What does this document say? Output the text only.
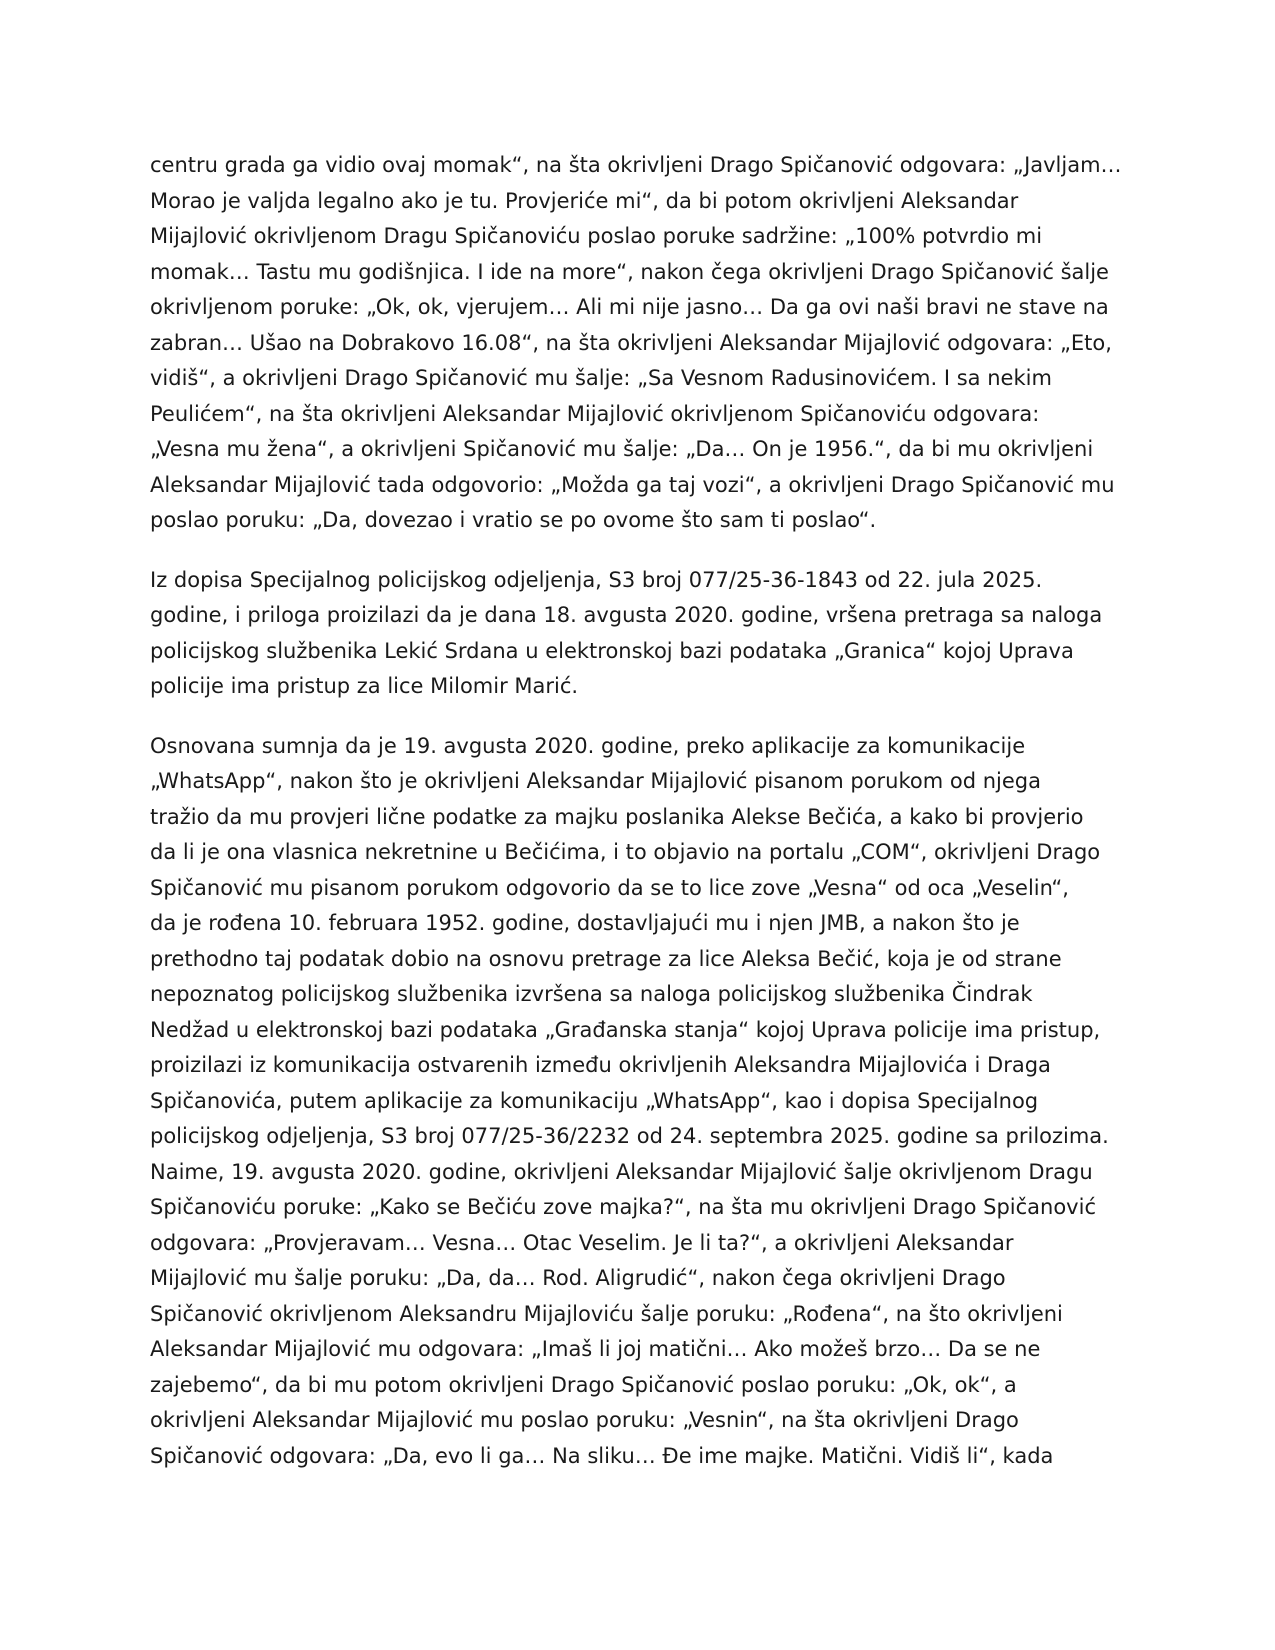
centru grada ga vidio ovaj momak“, na šta okrivljeni Drago Spičanović odgovara: „Javljam…
Morao je valjda legalno ako je tu. Provjeriće mi“, da bi potom okrivljeni Aleksandar
Mijajlović okrivljenom Dragu Spičanoviću poslao poruke sadržine: „100% potvrdio mi
momak… Tastu mu godišnjica. I ide na more“, nakon čega okrivljeni Drago Spičanović šalje
okrivljenom poruke: „Ok, ok, vjerujem… Ali mi nije jasno… Da ga ovi naši bravi ne stave na
zabran… Ušao na Dobrakovo 16.08“, na šta okrivljeni Aleksandar Mijajlović odgovara: „Eto,
vidiš“, a okrivljeni Drago Spičanović mu šalje: „Sa Vesnom Radusinovićem. I sa nekim
Peulićem“, na šta okrivljeni Aleksandar Mijajlović okrivljenom Spičanoviću odgovara:
„Vesna mu žena“, a okrivljeni Spičanović mu šalje: „Da… On je 1956.“, da bi mu okrivljeni
Aleksandar Mijajlović tada odgovorio: „Možda ga taj vozi“, a okrivljeni Drago Spičanović mu
poslao poruku: „Da, dovezao i vratio se po ovome što sam ti poslao“.
Iz dopisa Specijalnog policijskog odjeljenja, S3 broj 077/25-36-1843 od 22. jula 2025.
godine, i priloga proizilazi da je dana 18. avgusta 2020. godine, vršena pretraga sa naloga
policijskog službenika Lekić Srdana u elektronskoj bazi podataka „Granica“ kojoj Uprava
policije ima pristup za lice Milomir Marić.
Osnovana sumnja da je 19. avgusta 2020. godine, preko aplikacije za komunikacije
„WhatsApp“, nakon što je okrivljeni Aleksandar Mijajlović pisanom porukom od njega
tražio da mu provjeri lične podatke za majku poslanika Alekse Bečića, a kako bi provjerio
da li je ona vlasnica nekretnine u Bečićima, i to objavio na portalu „COM“, okrivljeni Drago
Spičanović mu pisanom porukom odgovorio da se to lice zove „Vesna“ od oca „Veselin“,
da je rođena 10. februara 1952. godine, dostavljajući mu i njen JMB, a nakon što je
prethodno taj podatak dobio na osnovu pretrage za lice Aleksa Bečić, koja je od strane
nepoznatog policijskog službenika izvršena sa naloga policijskog službenika Čindrak
Nedžad u elektronskoj bazi podataka „Građanska stanja“ kojoj Uprava policije ima pristup,
proizilazi iz komunikacija ostvarenih između okrivljenih Aleksandra Mijajlovića i Draga
Spičanovića, putem aplikacije za komunikaciju „WhatsApp“, kao i dopisa Specijalnog
policijskog odjeljenja, S3 broj 077/25-36/2232 od 24. septembra 2025. godine sa prilozima.
Naime, 19. avgusta 2020. godine, okrivljeni Aleksandar Mijajlović šalje okrivljenom Dragu
Spičanoviću poruke: „Kako se Bečiću zove majka?“, na šta mu okrivljeni Drago Spičanović
odgovara: „Provjeravam… Vesna… Otac Veselim. Je li ta?“, a okrivljeni Aleksandar
Mijajlović mu šalje poruku: „Da, da… Rod. Aligrudić“, nakon čega okrivljeni Drago
Spičanović okrivljenom Aleksandru Mijajloviću šalje poruku: „Rođena“, na što okrivljeni
Aleksandar Mijajlović mu odgovara: „Imaš li joj matični… Ako možeš brzo… Da se ne
zajebemo“, da bi mu potom okrivljeni Drago Spičanović poslao poruku: „Ok, ok“, a
okrivljeni Aleksandar Mijajlović mu poslao poruku: „Vesnin“, na šta okrivljeni Drago
Spičanović odgovara: „Da, evo li ga… Na sliku… Đe ime majke. Matični. Vidiš li“, kada
